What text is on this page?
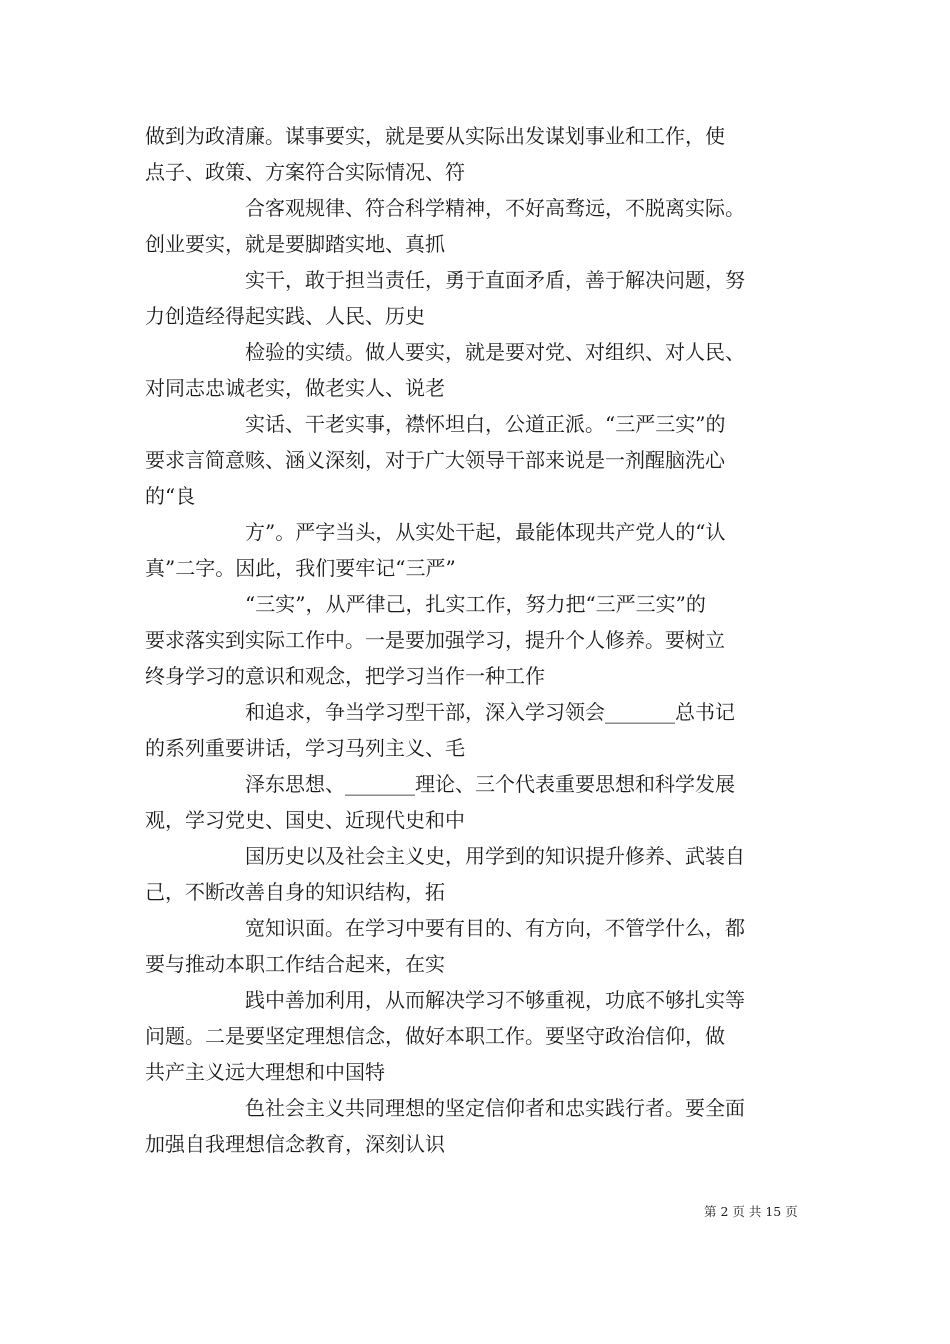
做到为政清廉。谋事要实，就是要从实际出发谋划事业和工作，使
点子、政策、方案符合实际情况、符
合客观规律、符合科学精神，不好高骛远，不脱离实际。
创业要实，就是要脚踏实地、真抓
实干，敢于担当责任，勇于直面矛盾，善于解决问题，努
力创造经得起实践、人民、历史
检验的实绩。做人要实，就是要对党、对组织、对人民、
对同志忠诚老实，做老实人、说老
实话、干老实事，襟怀坦白，公道正派。“三严三实”的
要求言简意赅、涵义深刻，对于广大领导干部来说是一剂醒脑洗心
的“良
方”。严字当头，从实处干起，最能体现共产党人的“认
真”二字。因此，我们要牢记“三严”
“三实”，从严律己，扎实工作，努力把“三严三实”的
要求落实到实际工作中。一是要加强学习，提升个人修养。要树立
终身学习的意识和观念，把学习当作一种工作
和追求，争当学习型干部，深入学习领会_______总书记
的系列重要讲话，学习马列主义、毛
泽东思想、_______理论、三个代表重要思想和科学发展
观，学习党史、国史、近现代史和中
国历史以及社会主义史，用学到的知识提升修养、武装自
己，不断改善自身的知识结构，拓
宽知识面。在学习中要有目的、有方向，不管学什么，都
要与推动本职工作结合起来，在实
践中善加利用，从而解决学习不够重视，功底不够扎实等
问题。二是要坚定理想信念，做好本职工作。要坚守政治信仰，做
共产主义远大理想和中国特
色社会主义共同理想的坚定信仰者和忠实践行者。要全面
加强自我理想信念教育，深刻认识
第 2 页 共 15 页
